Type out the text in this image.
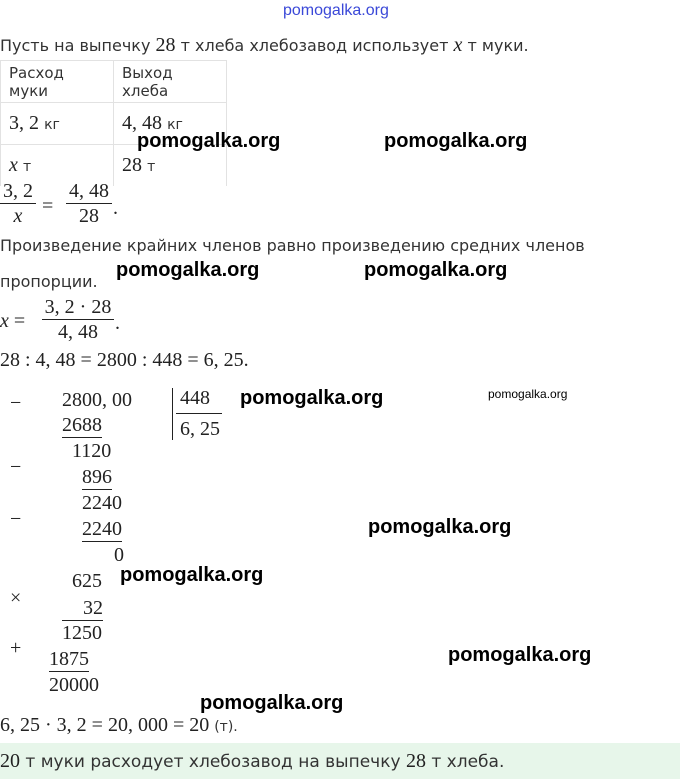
pomogalka.org
Пусть на выпечку 28 т хлеба хлебозавод использует x т муки.
Расход муки	Выход хлеба
3, 2 кг	4, 48 кг
x т	28 т
3, 2
x =
4, 48
28 .
Произведение крайних членов равно произведению средних членов
пропорции.
x =
3, 2 · 28
4, 48 .
28 : 4, 48 = 2800 : 448 = 6, 25.
− 2800, 00
2688
448
6, 25
−
1120
896
−
2240
2240
0
625
×	32
1250
+ 1875
20000
6, 25 · 3, 2 = 20, 000 = 20 (т).
20 т муки расходует хлебозавод на выпечку 28 т хлеба.
pomogalka.org	pomogalka.org
pomogalka.org	pomogalka.org
pomogalka.org	pomogalka.org
pomogalka.org
pomogalka.org
pomogalka.org
pomogalka.org
